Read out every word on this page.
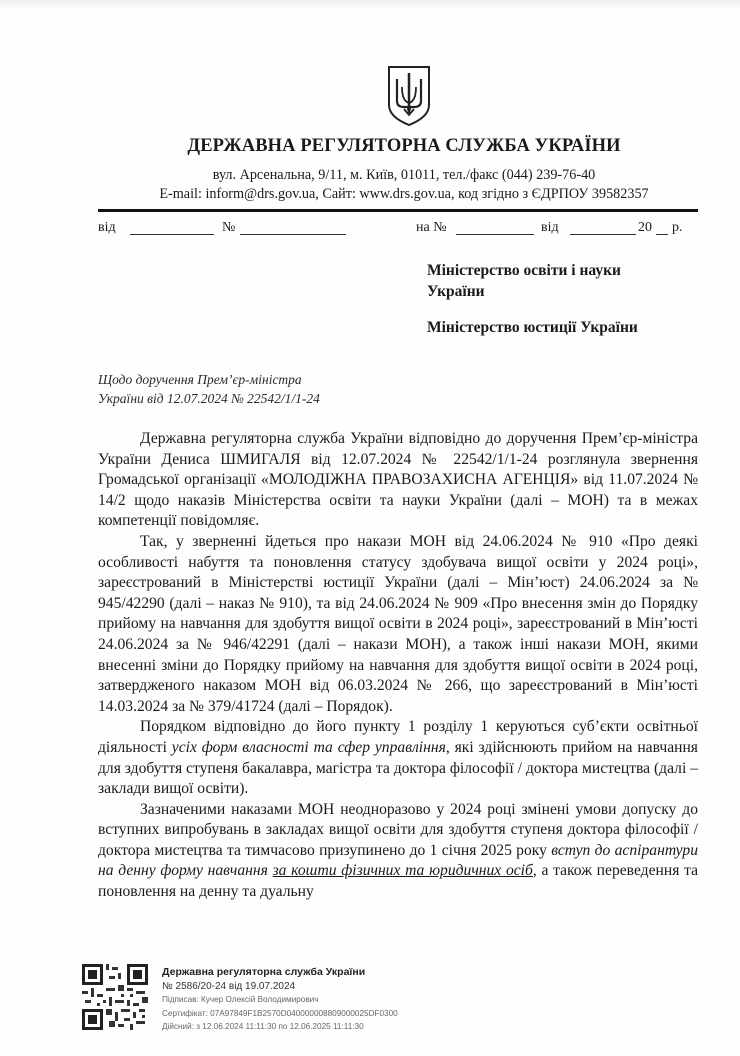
ДЕРЖАВНА РЕГУЛЯТОРНА СЛУЖБА УКРАЇНИ
вул. Арсенальна, 9/11, м. Київ, 01011, тел./факс (044) 239-76-40
E-mail: inform@drs.gov.ua, Сайт: www.drs.gov.ua, код згідно з ЄДРПОУ 39582357
від	№	на №	від	20 р.
Міністерство освіти і науки
України
Міністерство юстиції України
Щодо доручення Прем’єр-міністра
України від 12.07.2024 № 22542/1/1-24

Державна регуляторна служба України відповідно до доручення Прем’єр-міністра України Дениса ШМИГАЛЯ від 12.07.2024 № 22542/1/1-24 розглянула звернення Громадської організації «МОЛОДІЖНА ПРАВОЗАХИСНА АГЕНЦІЯ» від 11.07.2024 № 14/2 щодо наказів Міністерства освіти та науки України (далі – МОН) та в межах компетенції повідомляє.

Так, у зверненні йдеться про накази МОН від 24.06.2024 № 910 «Про деякі особливості набуття та поновлення статусу здобувача вищої освіти у 2024 році», зареєстрований в Міністерстві юстиції України (далі – Мін’юст) 24.06.2024 за № 945/42290 (далі – наказ № 910), та від 24.06.2024 № 909 «Про внесення змін до Порядку прийому на навчання для здобуття вищої освіти в 2024 році», зареєстрований в Мін’юсті 24.06.2024 за № 946/42291 (далі – накази МОН), а також інші накази МОН, якими внесенні зміни до Порядку прийому на навчання для здобуття вищої освіти в 2024 році, затвердженого наказом МОН від 06.03.2024 № 266, що зареєстрований в Мін’юсті 14.03.2024 за № 379/41724 (далі – Порядок).

Порядком відповідно до його пункту 1 розділу 1 керуються суб’єкти освітньої діяльності усіх форм власності та сфер управління, які здійснюють прийом на навчання для здобуття ступеня бакалавра, магістра та доктора філософії / доктора мистецтва (далі – заклади вищої освіти).

Зазначеними наказами МОН неодноразово у 2024 році змінені умови допуску до вступних випробувань в закладах вищої освіти для здобуття ступеня доктора філософії / доктора мистецтва та тимчасово призупинено до 1 січня 2025 року вступ до аспірантури на денну форму навчання за кошти фізичних та юридичних осіб, а також переведення та поновлення на денну та дуальну

Державна регуляторна служба України
№ 2586/20-24 від 19.07.2024
Підписав: Кучер Олексій Володимирович
Сертифікат: 07A97849F1B2570D040000008809000025DF0300
Дійсний: з 12.06.2024 11:11:30 по 12.06.2025 11:11:30
